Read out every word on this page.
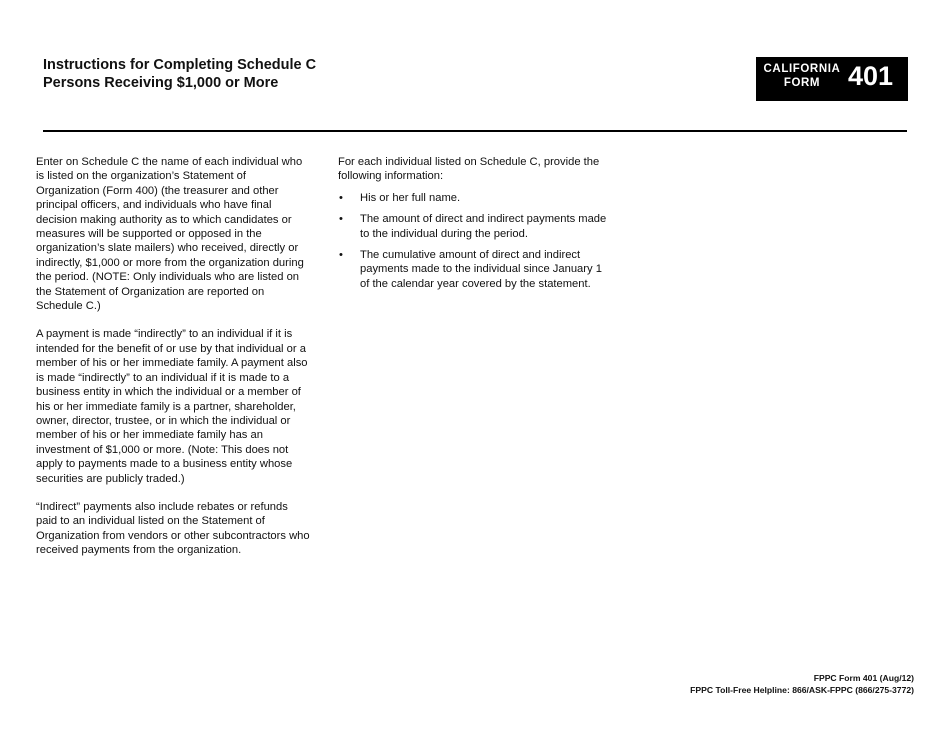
Instructions for Completing Schedule C
Persons Receiving $1,000 or More
CALIFORNIA
FORM	401

Enter on Schedule C the name of each individual who is listed on the organization’s Statement of Organization (Form 400) (the treasurer and other principal officers, and individuals who have final decision making authority as to which candidates or measures will be supported or opposed in the organization’s slate mailers) who received, directly or indirectly, $1,000 or more from the organization during the period. (NOTE: Only individuals who are listed on the Statement of Organization are reported on Schedule C.)

A payment is made “indirectly” to an individual if it is intended for the benefit of or use by that individual or a member of his or her immediate family. A payment also is made “indirectly” to an individual if it is made to a business entity in which the individual or a member of his or her immediate family is a partner, shareholder, owner, director, trustee, or in which the individual or member of his or her immediate family has an investment of $1,000 or more. (Note: This does not apply to payments made to a business entity whose securities are publicly traded.)

“Indirect” payments also include rebates or refunds paid to an individual listed on the Statement of Organization from vendors or other subcontractors who received payments from the organization.

For each individual listed on Schedule C, provide the following information:

• His or her full name.
• The amount of direct and indirect payments made to the individual during the period.
• The cumulative amount of direct and indirect payments made to the individual since January 1 of the calendar year covered by the statement.
FPPC Form 401 (Aug/12)
FPPC Toll-Free Helpline: 866/ASK-FPPC (866/275-3772)
